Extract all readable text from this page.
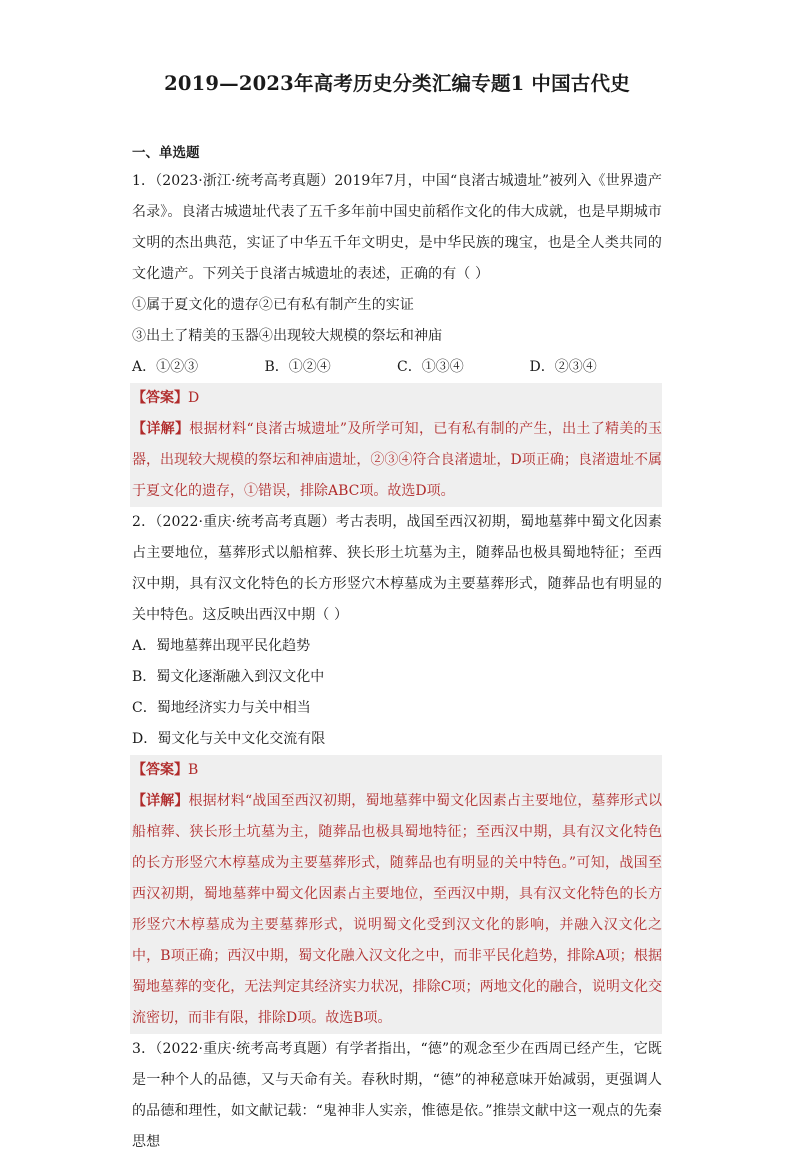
2019—2023年高考历史分类汇编专题1 中国古代史
一、单选题

1．（2023·浙江·统考高考真题）2019年7月，中国“良渚古城遗址”被列入《世界遗产名录》。良渚古城遗址代表了五千多年前中国史前稻作文化的伟大成就，也是早期城市文明的杰出典范，实证了中华五千年文明史，是中华民族的瑰宝，也是全人类共同的文化遗产。下列关于良渚古城遗址的表述，正确的有（ ）

①属于夏文化的遗存②已有私有制产生的实证

③出土了精美的玉器④出现较大规模的祭坛和神庙

A．①②③	B．①②④	C．①③④	D．②③④

【答案】D

【详解】根据材料“良渚古城遗址”及所学可知，已有私有制的产生，出土了精美的玉器，出现较大规模的祭坛和神庙遗址，②③④符合良渚遗址，D项正确；良渚遗址不属于夏文化的遗存，①错误，排除ABC项。故选D项。

2．（2022·重庆·统考高考真题）考古表明，战国至西汉初期，蜀地墓葬中蜀文化因素占主要地位，墓葬形式以船棺葬、狭长形土坑墓为主，随葬品也极具蜀地特征；至西汉中期，具有汉文化特色的长方形竖穴木椁墓成为主要墓葬形式，随葬品也有明显的关中特色。这反映出西汉中期（ ）

A．蜀地墓葬出现平民化趋势
B．蜀文化逐渐融入到汉文化中
C．蜀地经济实力与关中相当
D．蜀文化与关中文化交流有限

【答案】B

【详解】根据材料“战国至西汉初期，蜀地墓葬中蜀文化因素占主要地位，墓葬形式以船棺葬、狭长形土坑墓为主，随葬品也极具蜀地特征；至西汉中期，具有汉文化特色的长方形竖穴木椁墓成为主要墓葬形式，随葬品也有明显的关中特色。”可知，战国至西汉初期，蜀地墓葬中蜀文化因素占主要地位，至西汉中期，具有汉文化特色的长方形竖穴木椁墓成为主要墓葬形式，说明蜀文化受到汉文化的影响，并融入汉文化之中，B项正确；西汉中期，蜀文化融入汉文化之中，而非平民化趋势，排除A项；根据蜀地墓葬的变化，无法判定其经济实力状况，排除C项；两地文化的融合，说明文化交流密切，而非有限，排除D项。故选B项。

3．（2022·重庆·统考高考真题）有学者指出，“德”的观念至少在西周已经产生，它既是一种个人的品德，又与天命有关。春秋时期，“德”的神秘意味开始减弱，更强调人的品德和理性，如文献记载：“鬼神非人实亲，惟德是依。”推崇文献中这一观点的先秦思想
